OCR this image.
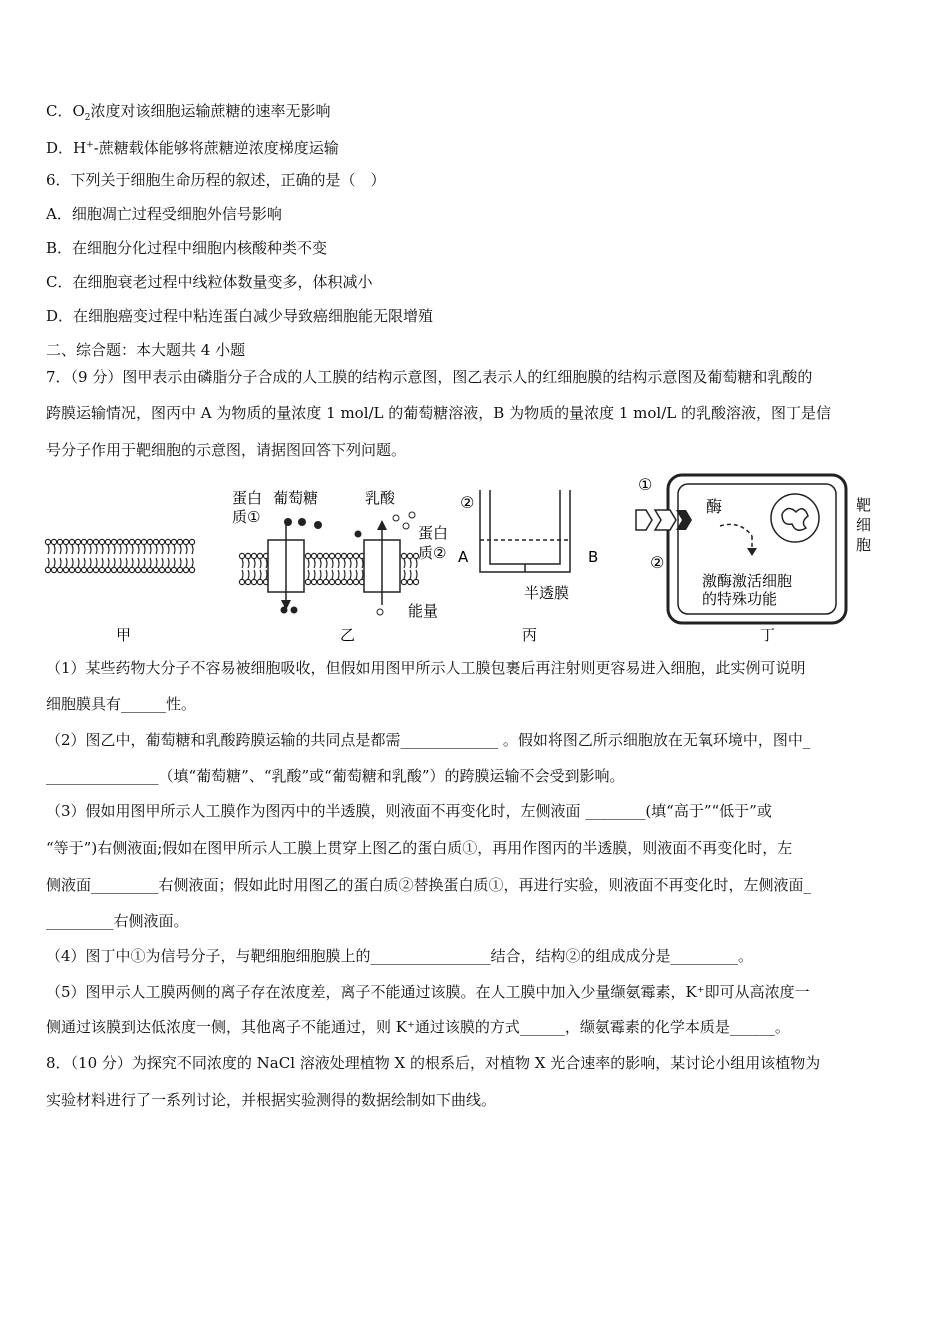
C．$O_2$浓度对该细胞运输蔗糖的速率无影响
D．H+-蔗糖载体能够将蔗糖逆浓度梯度运输
6．下列关于细胞生命历程的叙述，正确的是（　）
A．细胞凋亡过程受细胞外信号影响
B．在细胞分化过程中细胞内核酸种类不变
C．在细胞衰老过程中线粒体数量变多，体积减小
D．在细胞癌变过程中粘连蛋白减少导致癌细胞能无限增殖
二、综合题：本大题共 4 小题
7．（9 分）图甲表示由磷脂分子合成的人工膜的结构示意图，图乙表示人的红细胞膜的结构示意图及葡萄糖和乳酸的
跨膜运输情况，图丙中 A 为物质的量浓度 1 mol/L 的葡萄糖溶液，B 为物质的量浓度 1 mol/L 的乳酸溶液，图丁是信
号分子作用于靶细胞的示意图，请据图回答下列问题。
蛋白
质①
葡萄糖	乳酸
蛋白
质②
能量
②
A	B
半透膜
①
②
酶
激酶激活细胞
的特殊功能
靶
细
胞
甲	乙	丙	丁
（1）某些药物大分子不容易被细胞吸收，但假如用图甲所示人工膜包裹后再注射则更容易进入细胞，此实例可说明
细胞膜具有______性。
（2）图乙中，葡萄糖和乳酸跨膜运输的共同点是都需_____________ 。假如将图乙所示细胞放在无氧环境中，图中_
_______________（填“葡萄糖”、“乳酸”或“葡萄糖和乳酸”）的跨膜运输不会受到影响。
（3）假如用图甲所示人工膜作为图丙中的半透膜，则液面不再变化时，左侧液面 ________(填“高于”“低于”或
“等于”)右侧液面;假如在图甲所示人工膜上贯穿上图乙的蛋白质①，再用作图丙的半透膜，则液面不再变化时，左
侧液面_________右侧液面；假如此时用图乙的蛋白质②替换蛋白质①，再进行实验，则液面不再变化时，左侧液面_
_________右侧液面。
（4）图丁中①为信号分子，与靶细胞细胞膜上的________________结合，结构②的组成成分是_________。
（5）图甲示人工膜两侧的离子存在浓度差，离子不能通过该膜。在人工膜中加入少量缬氨霉素，K⁺即可从高浓度一
侧通过该膜到达低浓度一侧，其他离子不能通过，则 K⁺通过该膜的方式______，缬氨霉素的化学本质是______。
8．（10 分）为探究不同浓度的 NaCl 溶液处理植物 X 的根系后，对植物 X 光合速率的影响，某讨论小组用该植物为
实验材料进行了一系列讨论，并根据实验测得的数据绘制如下曲线。
